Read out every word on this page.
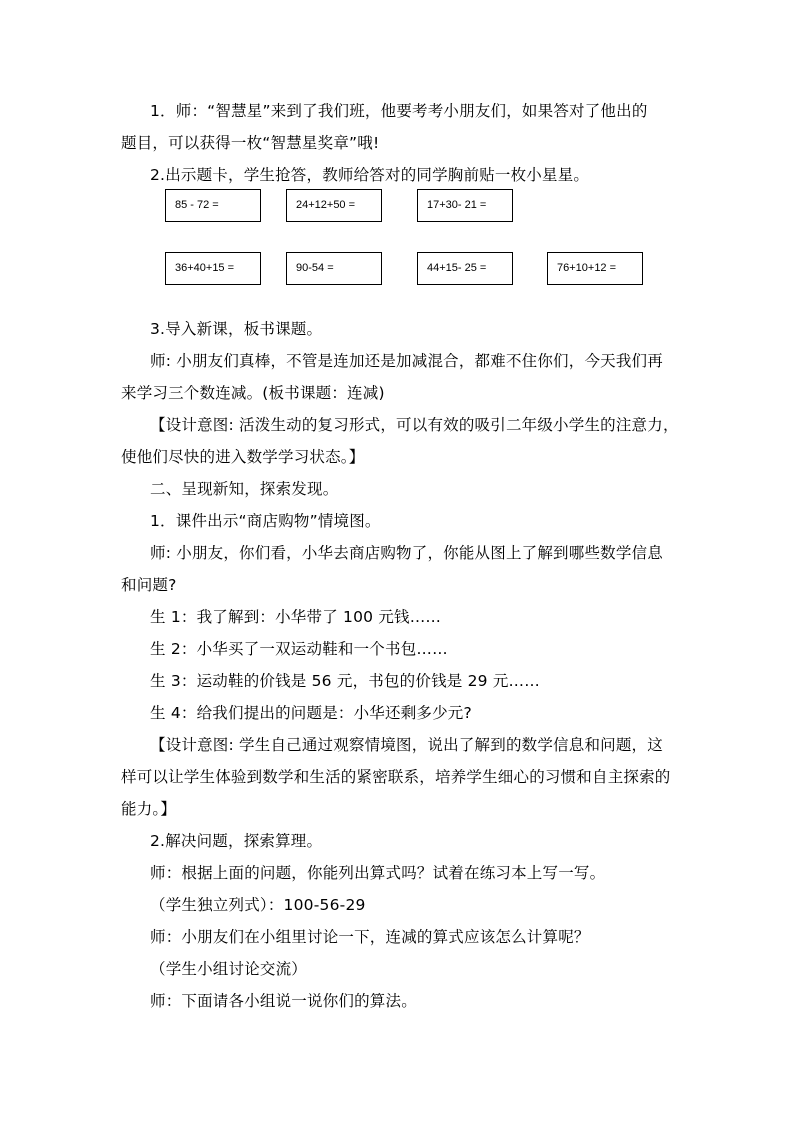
1．师：“智慧星”来到了我们班，他要考考小朋友们，如果答对了他出的
题目，可以获得一枚“智慧星奖章”哦!
2.出示题卡，学生抢答，教师给答对的同学胸前贴一枚小星星。
85 - 72 =	24+12+50 =	17+30- 21 =
36+40+15 =	90-54 =	44+15- 25 =	76+10+12 =
3.导入新课，板书课题。
师: 小朋友们真棒，不管是连加还是加减混合，都难不住你们，今天我们再
来学习三个数连减。(板书课题：连减)
【设计意图: 活泼生动的复习形式，可以有效的吸引二年级小学生的注意力，
使他们尽快的进入数学学习状态。】
二、呈现新知，探索发现。
1．课件出示“商店购物”情境图。
师: 小朋友，你们看，小华去商店购物了，你能从图上了解到哪些数学信息
和问题?
生 1：我了解到：小华带了 100 元钱……
生 2：小华买了一双运动鞋和一个书包……
生 3：运动鞋的价钱是 56 元，书包的价钱是 29 元……
生 4：给我们提出的问题是：小华还剩多少元?
【设计意图: 学生自己通过观察情境图，说出了解到的数学信息和问题，这
样可以让学生体验到数学和生活的紧密联系，培养学生细心的习惯和自主探索的
能力。】
2.解决问题，探索算理。
师：根据上面的问题，你能列出算式吗？试着在练习本上写一写。
（学生独立列式）：100-56-29
师：小朋友们在小组里讨论一下，连减的算式应该怎么计算呢？
（学生小组讨论交流）
师：下面请各小组说一说你们的算法。
